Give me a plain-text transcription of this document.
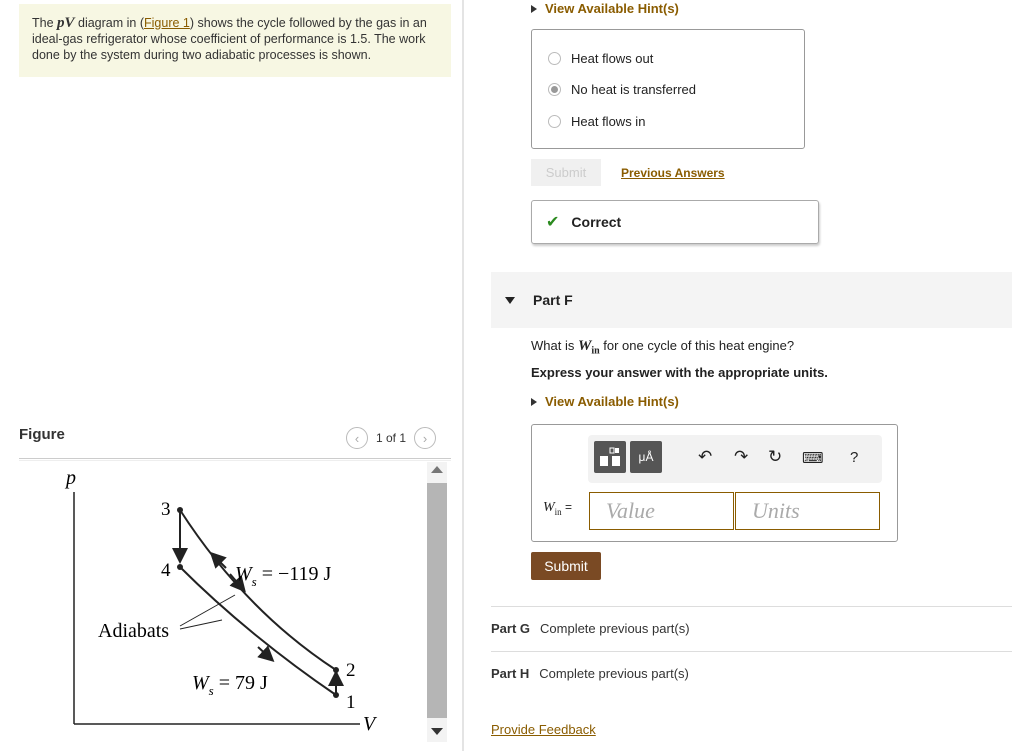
The pV diagram in (Figure 1) shows the cycle followed by the gas in an ideal-gas refrigerator whose coefficient of performance is 1.5. The work done by the system during two adiabatic processes is shown.
Figure	‹	1 of 1	›
p
V
3
4
2
1
$W_s = -119$ J
$W_s = 79$ J
Adiabats
View Available Hint(s)
Heat flows out
No heat is transferred
Heat flows in
Submit	Previous Answers
✔ Correct
Part F
What is $W_{in}$ for one cycle of this heat engine?
Express your answer with the appropriate units.
View Available Hint(s)
μÅ	↶ ↷ ↻ ⌨ ?
$W_{in}$ =	Value	Units
Submit
Part G Complete previous part(s)
Part H Complete previous part(s)
Provide Feedback
